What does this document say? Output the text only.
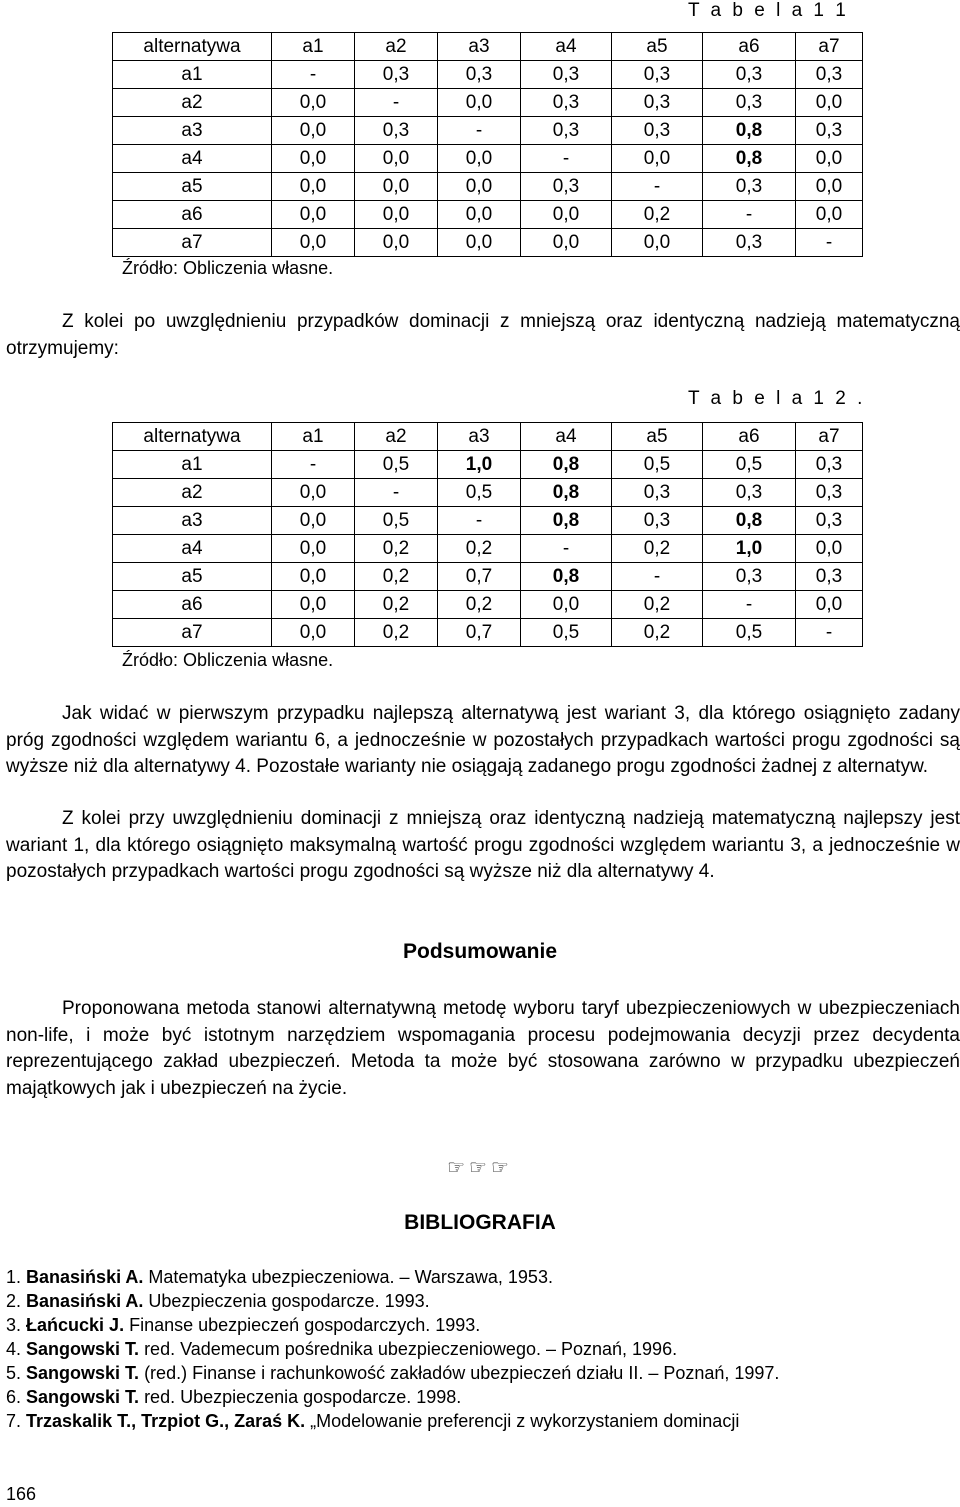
T a b e l a 1 1
alternatywa	a1	a2	a3	a4	a5	a6	a7
a1	-	0,3	0,3	0,3	0,3	0,3	0,3
a2	0,0	-	0,0	0,3	0,3	0,3	0,0
a3	0,0	0,3	-	0,3	0,3	0,8	0,3
a4	0,0	0,0	0,0	-	0,0	0,8	0,0
a5	0,0	0,0	0,0	0,3	-	0,3	0,0
a6	0,0	0,0	0,0	0,0	0,2	-	0,0
a7	0,0	0,0	0,0	0,0	0,0	0,3	-
Źródło: Obliczenia własne.
Z kolei po uwzględnieniu przypadków dominacji z mniejszą oraz identyczną nadzieją matematyczną otrzymujemy:
T a b e l a 1 2 .
alternatywa	a1	a2	a3	a4	a5	a6	a7
a1	-	0,5	1,0	0,8	0,5	0,5	0,3
a2	0,0	-	0,5	0,8	0,3	0,3	0,3
a3	0,0	0,5	-	0,8	0,3	0,8	0,3
a4	0,0	0,2	0,2	-	0,2	1,0	0,0
a5	0,0	0,2	0,7	0,8	-	0,3	0,3
a6	0,0	0,2	0,2	0,0	0,2	-	0,0
a7	0,0	0,2	0,7	0,5	0,2	0,5	-
Źródło: Obliczenia własne.
Jak widać w pierwszym przypadku najlepszą alternatywą jest wariant 3, dla którego osiągnięto zadany próg zgodności względem wariantu 6, a jednocześnie w pozostałych przypadkach wartości progu zgodności są wyższe niż dla alternatywy 4. Pozostałe warianty nie osiągają zadanego progu zgodności żadnej z alternatyw.
Z kolei przy uwzględnieniu dominacji z mniejszą oraz identyczną nadzieją matematyczną najlepszy jest wariant 1, dla którego osiągnięto maksymalną wartość progu zgodności względem wariantu 3, a jednocześnie w pozostałych przypadkach wartości progu zgodności są wyższe niż dla alternatywy 4.
Podsumowanie
Proponowana metoda stanowi alternatywną metodę wyboru taryf ubezpieczeniowych w ubezpieczeniach non-life, i może być istotnym narzędziem wspomagania procesu podejmowania decyzji przez decydenta reprezentującego zakład ubezpieczeń. Metoda ta może być stosowana zarówno w przypadku ubezpieczeń majątkowych jak i ubezpieczeń na życie.
☞☞☞
BIBLIOGRAFIA
1. Banasiński A. Matematyka ubezpieczeniowa. – Warszawa, 1953.
2. Banasiński A. Ubezpieczenia gospodarcze. 1993.
3. Łańcucki J. Finanse ubezpieczeń gospodarczych. 1993.
4. Sangowski T. red. Vademecum pośrednika ubezpieczeniowego. – Poznań, 1996.
5. Sangowski T. (red.) Finanse i rachunkowość zakładów ubezpieczeń działu II. – Poznań, 1997.
6. Sangowski T. red. Ubezpieczenia gospodarcze. 1998.
7. Trzaskalik T., Trzpiot G., Zaraś K. „Modelowanie preferencji z wykorzystaniem dominacji
166
